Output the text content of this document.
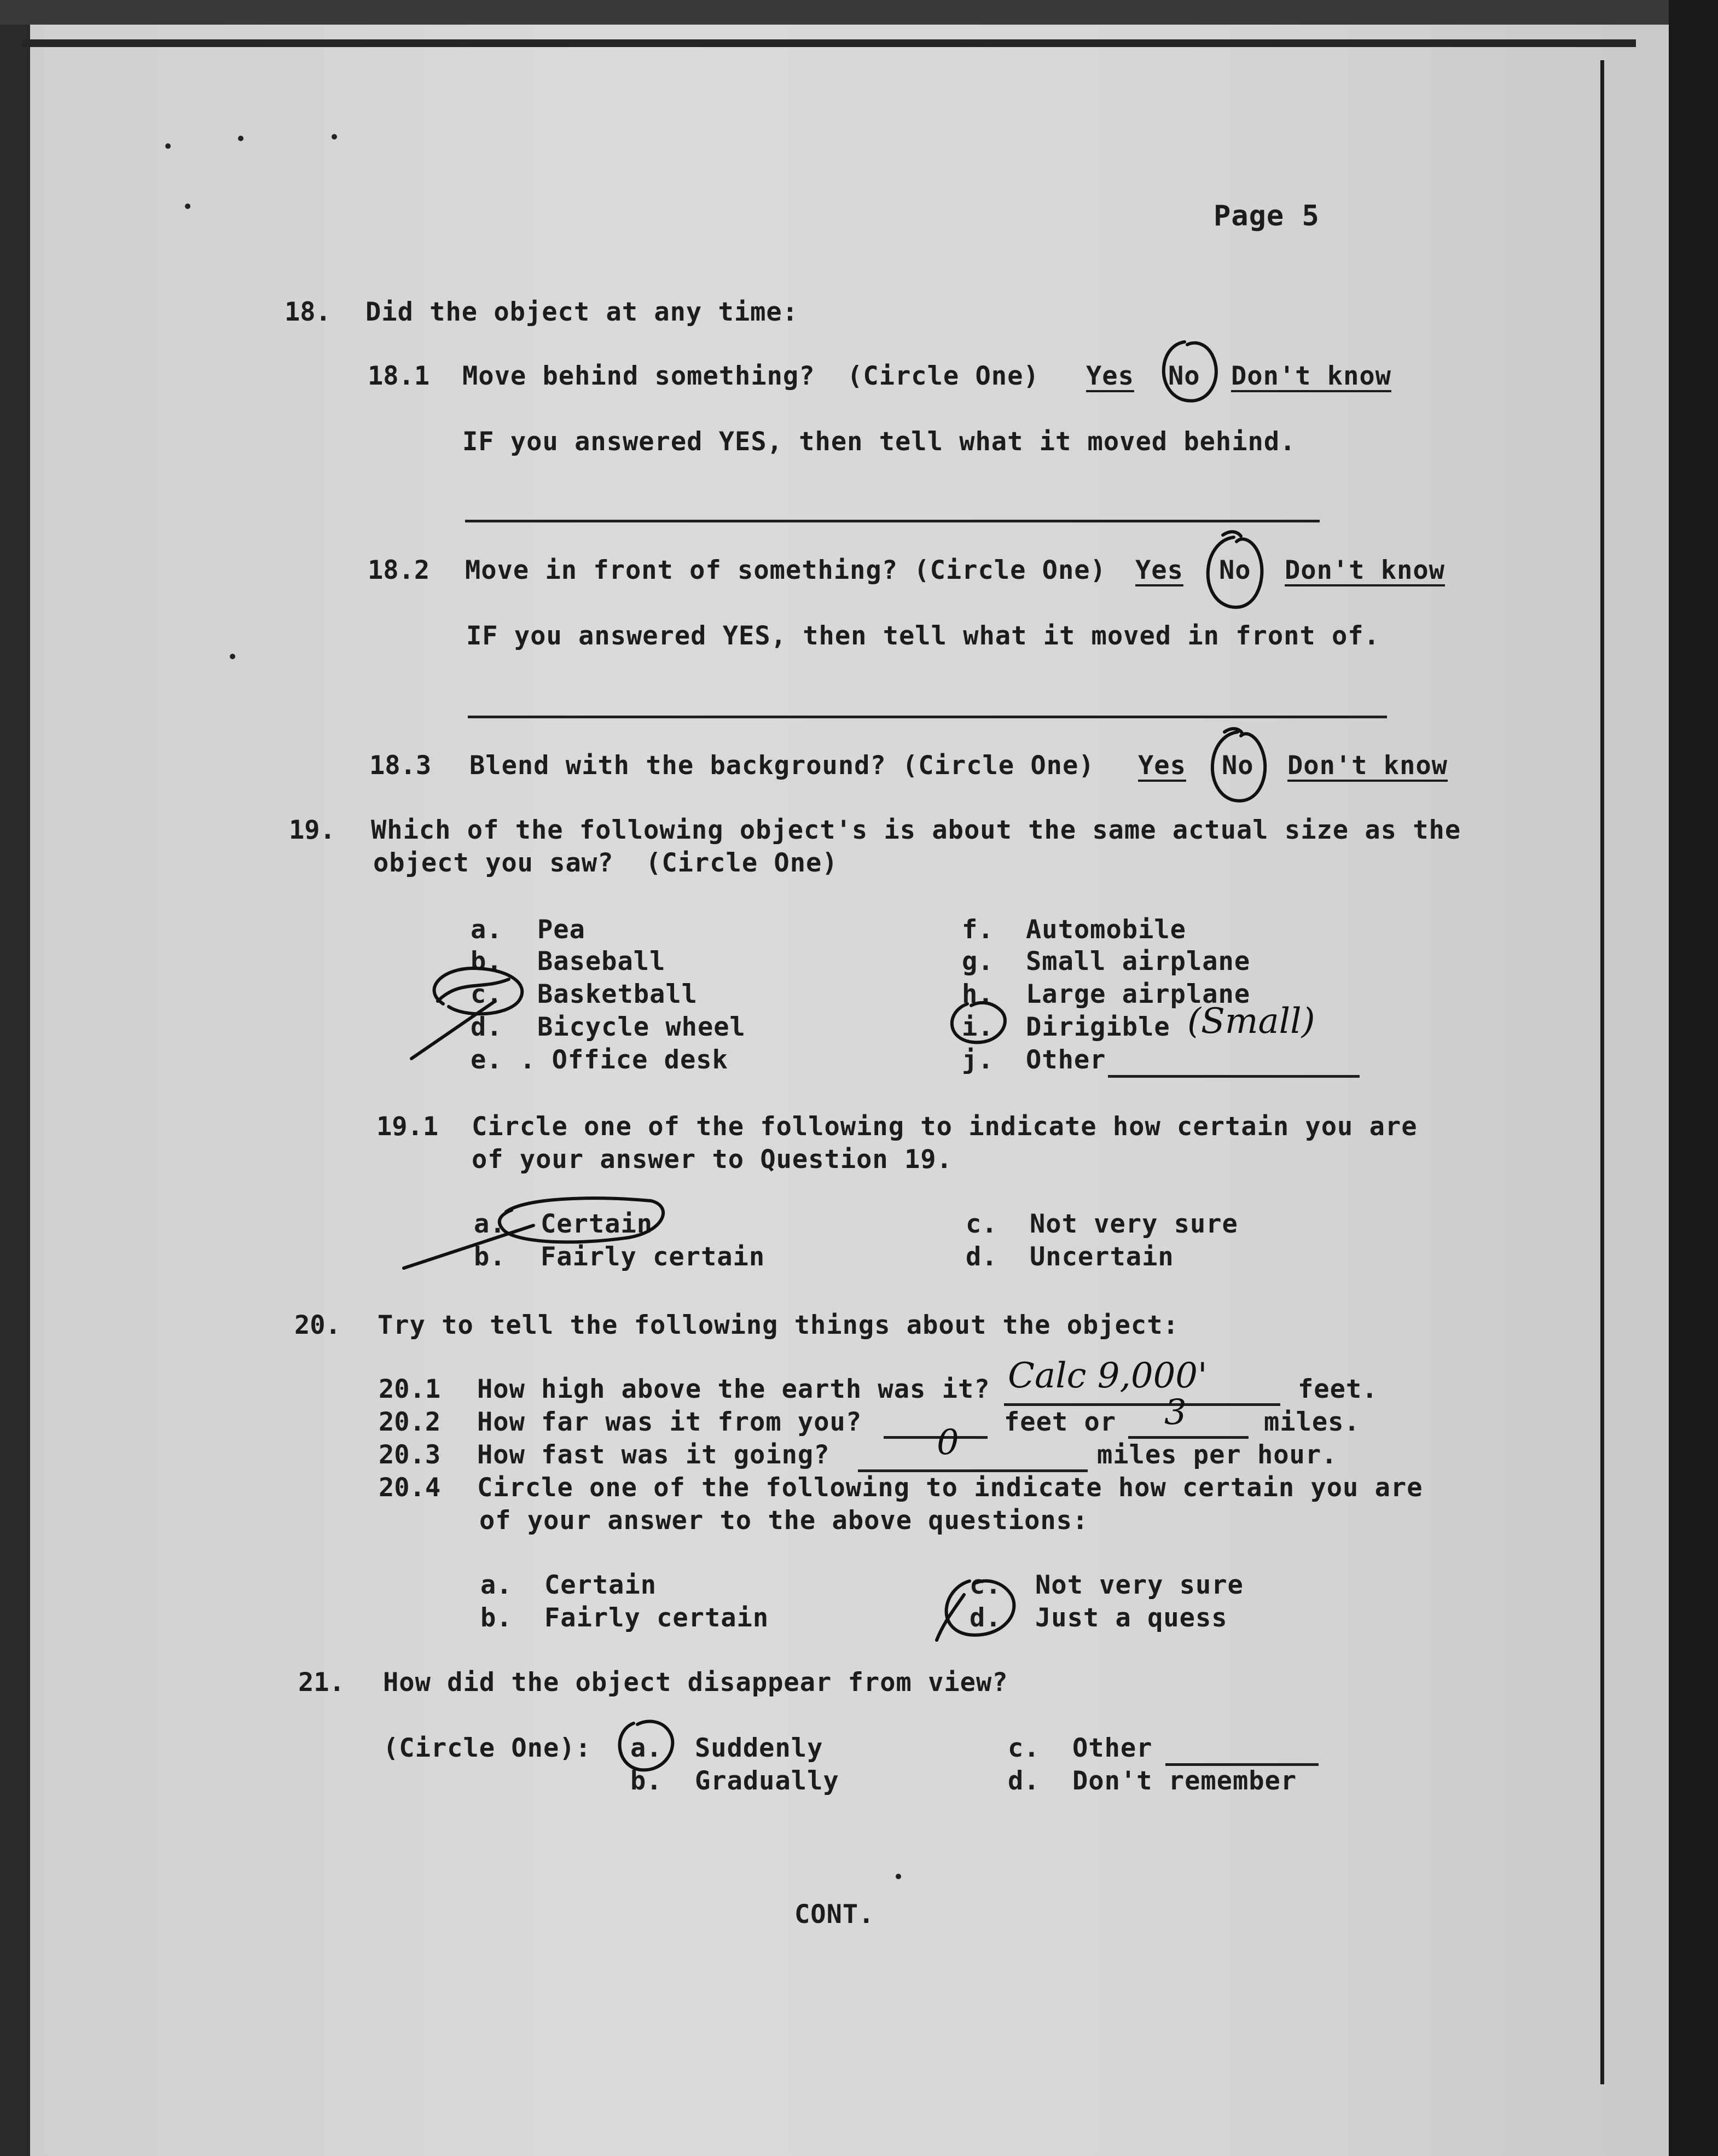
Page 5
18. Did the object at any time:
18.1 Move behind something?  (Circle One) Yes No Don't know
IF you answered YES, then tell what it moved behind.
18.2 Move in front of something? (Circle One) Yes No Don't know
IF you answered YES, then tell what it moved in front of.
18.3 Blend with the background? (Circle One) Yes No Don't know
19. Which of the following object's is about the same actual size as the
object you saw?  (Circle One)
a. Pea
b. Baseball
c. Basketball
d. Bicycle wheel
e. . Office desk
f. Automobile
g. Small airplane
h. Large airplane
i. Dirigible (Small)
j. Other
19.1 Circle one of the following to indicate how certain you are
of your answer to Question 19.
a. Certain
b. Fairly certain
c. Not very sure
d. Uncertain
20. Try to tell the following things about the object:
20.1 How high above the earth was it? Calc 9,000'	feet.
20.2 How far was it from you?	feet or 3	miles.
20.3 How fast was it going?	0	miles per hour.
20.4 Circle one of the following to indicate how certain you are
of your answer to the above questions:
a. Certain
b. Fairly certain
c. Not very sure
d. Just a quess
21. How did the object disappear from view?
(Circle One): a. Suddenly
b. Gradually
c. Other
d. Don't remember
CONT.
